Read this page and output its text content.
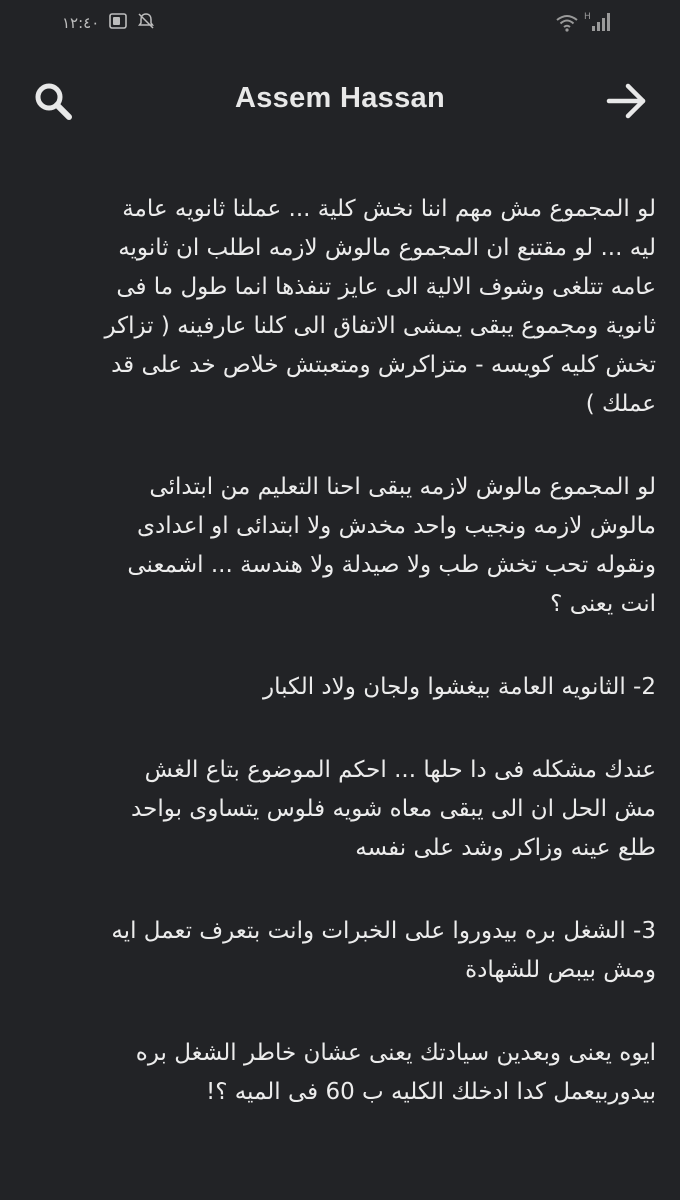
١٢:٤٠	H
Assem Hassan

لو المجموع مش مهم اننا نخش كلية ... عملنا ثانويه عامة
ليه ... لو مقتنع ان المجموع مالوش لازمه اطلب ان ثانويه
عامه تتلغى وشوف الالية الى عايز تنفذها انما طول ما فى
ثانوية ومجموع يبقى يمشى الاتفاق الى كلنا عارفينه ( تزاكر
تخش كليه كويسه - متزاكرش ومتعبتش خلاص خد على قد
عملك )

لو المجموع مالوش لازمه يبقى احنا التعليم من ابتدائى
مالوش لازمه ونجيب واحد مخدش ولا ابتدائى او اعدادى
ونقوله تحب تخش طب ولا صيدلة ولا هندسة ... اشمعنى
انت يعنى ؟

2- الثانويه العامة بيغشوا ولجان ولاد الكبار

عندك مشكله فى دا حلها ... احكم الموضوع بتاع الغش
مش الحل ان الى يبقى معاه شويه فلوس يتساوى بواحد
طلع عينه وزاكر وشد على نفسه

3- الشغل بره بيدوروا على الخبرات وانت بتعرف تعمل ايه
ومش بيبص للشهادة

ايوه يعنى وبعدين سيادتك يعنى عشان خاطر الشغل بره
بيدوربيعمل كدا ادخلك الكليه ب 60 فى الميه ؟!
